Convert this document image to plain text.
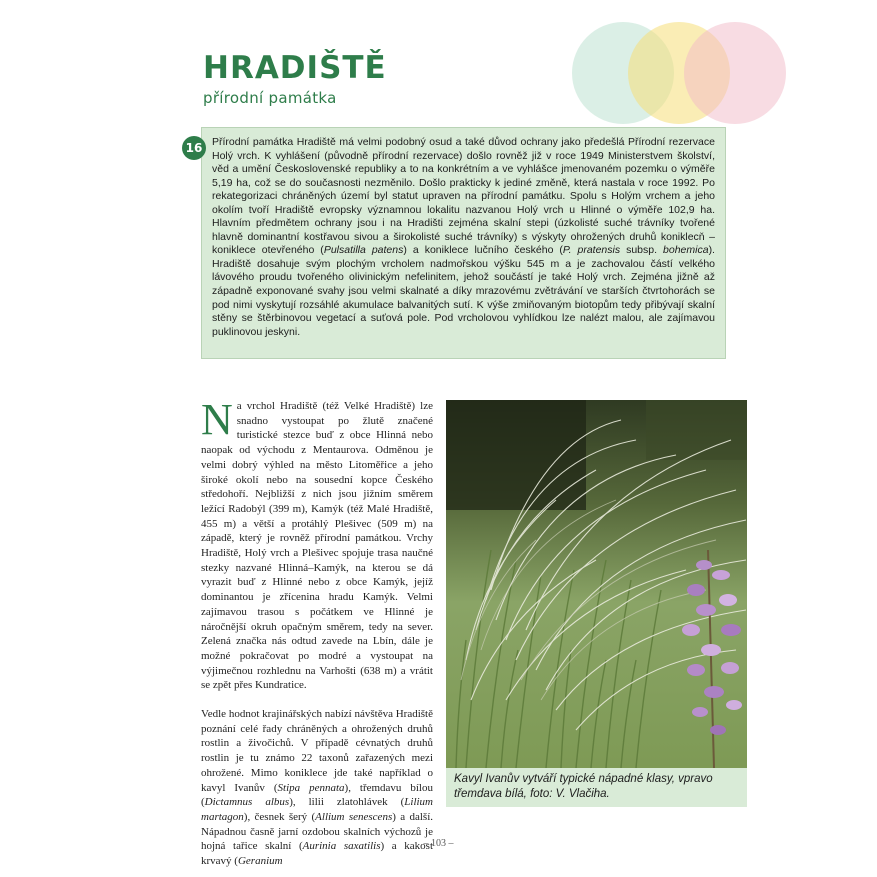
HRADIŠTĚ
přírodní památka

Přírodní památka Hradiště má velmi podobný osud a také důvod ochrany jako předešlá Přírodní rezervace Holý vrch. K vyhlášení (původně přírodní rezervace) došlo rovněž již v roce 1949 Ministerstvem školství, věd a umění Československé republiky a to na konkrétním a ve vyhlášce jmenovaném pozemku o výměře 5,19 ha, což se do současnosti nezměnilo. Došlo prakticky k jediné změně, která nastala v roce 1992. Po rekategorizaci chráněných území byl statut upraven na přírodní památku. Spolu s Holým vrchem a jeho okolím tvoří Hradiště evropsky významnou lokalitu nazvanou Holý vrch u Hlinné o výměře 102,9 ha. Hlavním předmětem ochrany jsou i na Hradišti zejména skalní stepi (úzkolisté suché trávníky tvořené hlavně dominantní kostřavou sivou a širokolisté suché trávníky) s výskyty ohrožených druhů koniklecň – koniklece otevřeného (Pulsatilla patens) a koniklece lučního českého (P. pratensis subsp. bohemica). Hradiště dosahuje svým plochým vrcholem nadmořskou výšku 545 m a je zachovalou částí velkého lávového proudu tvořeného olivinickým nefelinitem, jehož součástí je také Holý vrch. Zejména jižně až západně exponované svahy jsou velmi skalnaté a díky mrazovému zvětrávání ve starších čtvrtohorách se pod nimi vyskytují rozsáhlé akumulace balvanitých sutí. K výše zmiňovaným biotopům tedy přibývají skalní stěny se štěrbinovou vegetací a suťová pole. Pod vrcholovou vyhlídkou lze nalézt malou, ale zajímavou puklinovou jeskyni.

16

Na vrchol Hradiště (též Velké Hradiště) lze snadno vystoupat po žlutě značené turistické stezce buď z obce Hlinná nebo naopak od východu z Mentaurova. Odměnou je velmi dobrý výhled na město Litoměřice a jeho široké okolí nebo na sousední kopce Českého středohoří. Nejbližší z nich jsou jižním směrem ležící Radobýl (399 m), Kamýk (též Malé Hradiště, 455 m) a větší a protáhlý Plešivec (509 m) na západě, který je rovněž přírodní památkou. Vrchy Hradiště, Holý vrch a Plešivec spojuje trasa naučné stezky nazvané Hlinná–Kamýk, na kterou se dá vyrazit buď z Hlinné nebo z obce Kamýk, jejíž dominantou je zřícenina hradu Kamýk. Velmi zajímavou trasou s počátkem ve Hlinné je náročnější okruh opačným směrem, tedy na sever. Zelená značka nás odtud zavede na Lbín, dále je možné pokračovat po modré a vystoupat na výjimečnou rozhlednu na Varhošti (638 m) a vrátit se zpět přes Kundratice.

Vedle hodnot krajinářských nabízí návštěva Hradiště poznání celé řady chráněných a ohrožených druhů rostlin a živočichů. V případě cévnatých druhů rostlin je tu známo 22 taxonů zařazených mezi ohrožené. Mimo koniklece jde také například o kavyl Ivanův (Stipa pennata), třemdavu bílou (Dictamnus albus), lilii zlatohlávek (Lilium martagon), česnek šerý (Allium senescens) a další. Nápadnou časně jarní ozdobou skalních výchozů je hojná tařice skalní (Aurinia saxatilis) a kakost krvavý (Geranium

Kavyl Ivanův vytváří typické nápadné klasy, vpravo třemdava bílá, foto: V. Vlačiha.
– 103 –
